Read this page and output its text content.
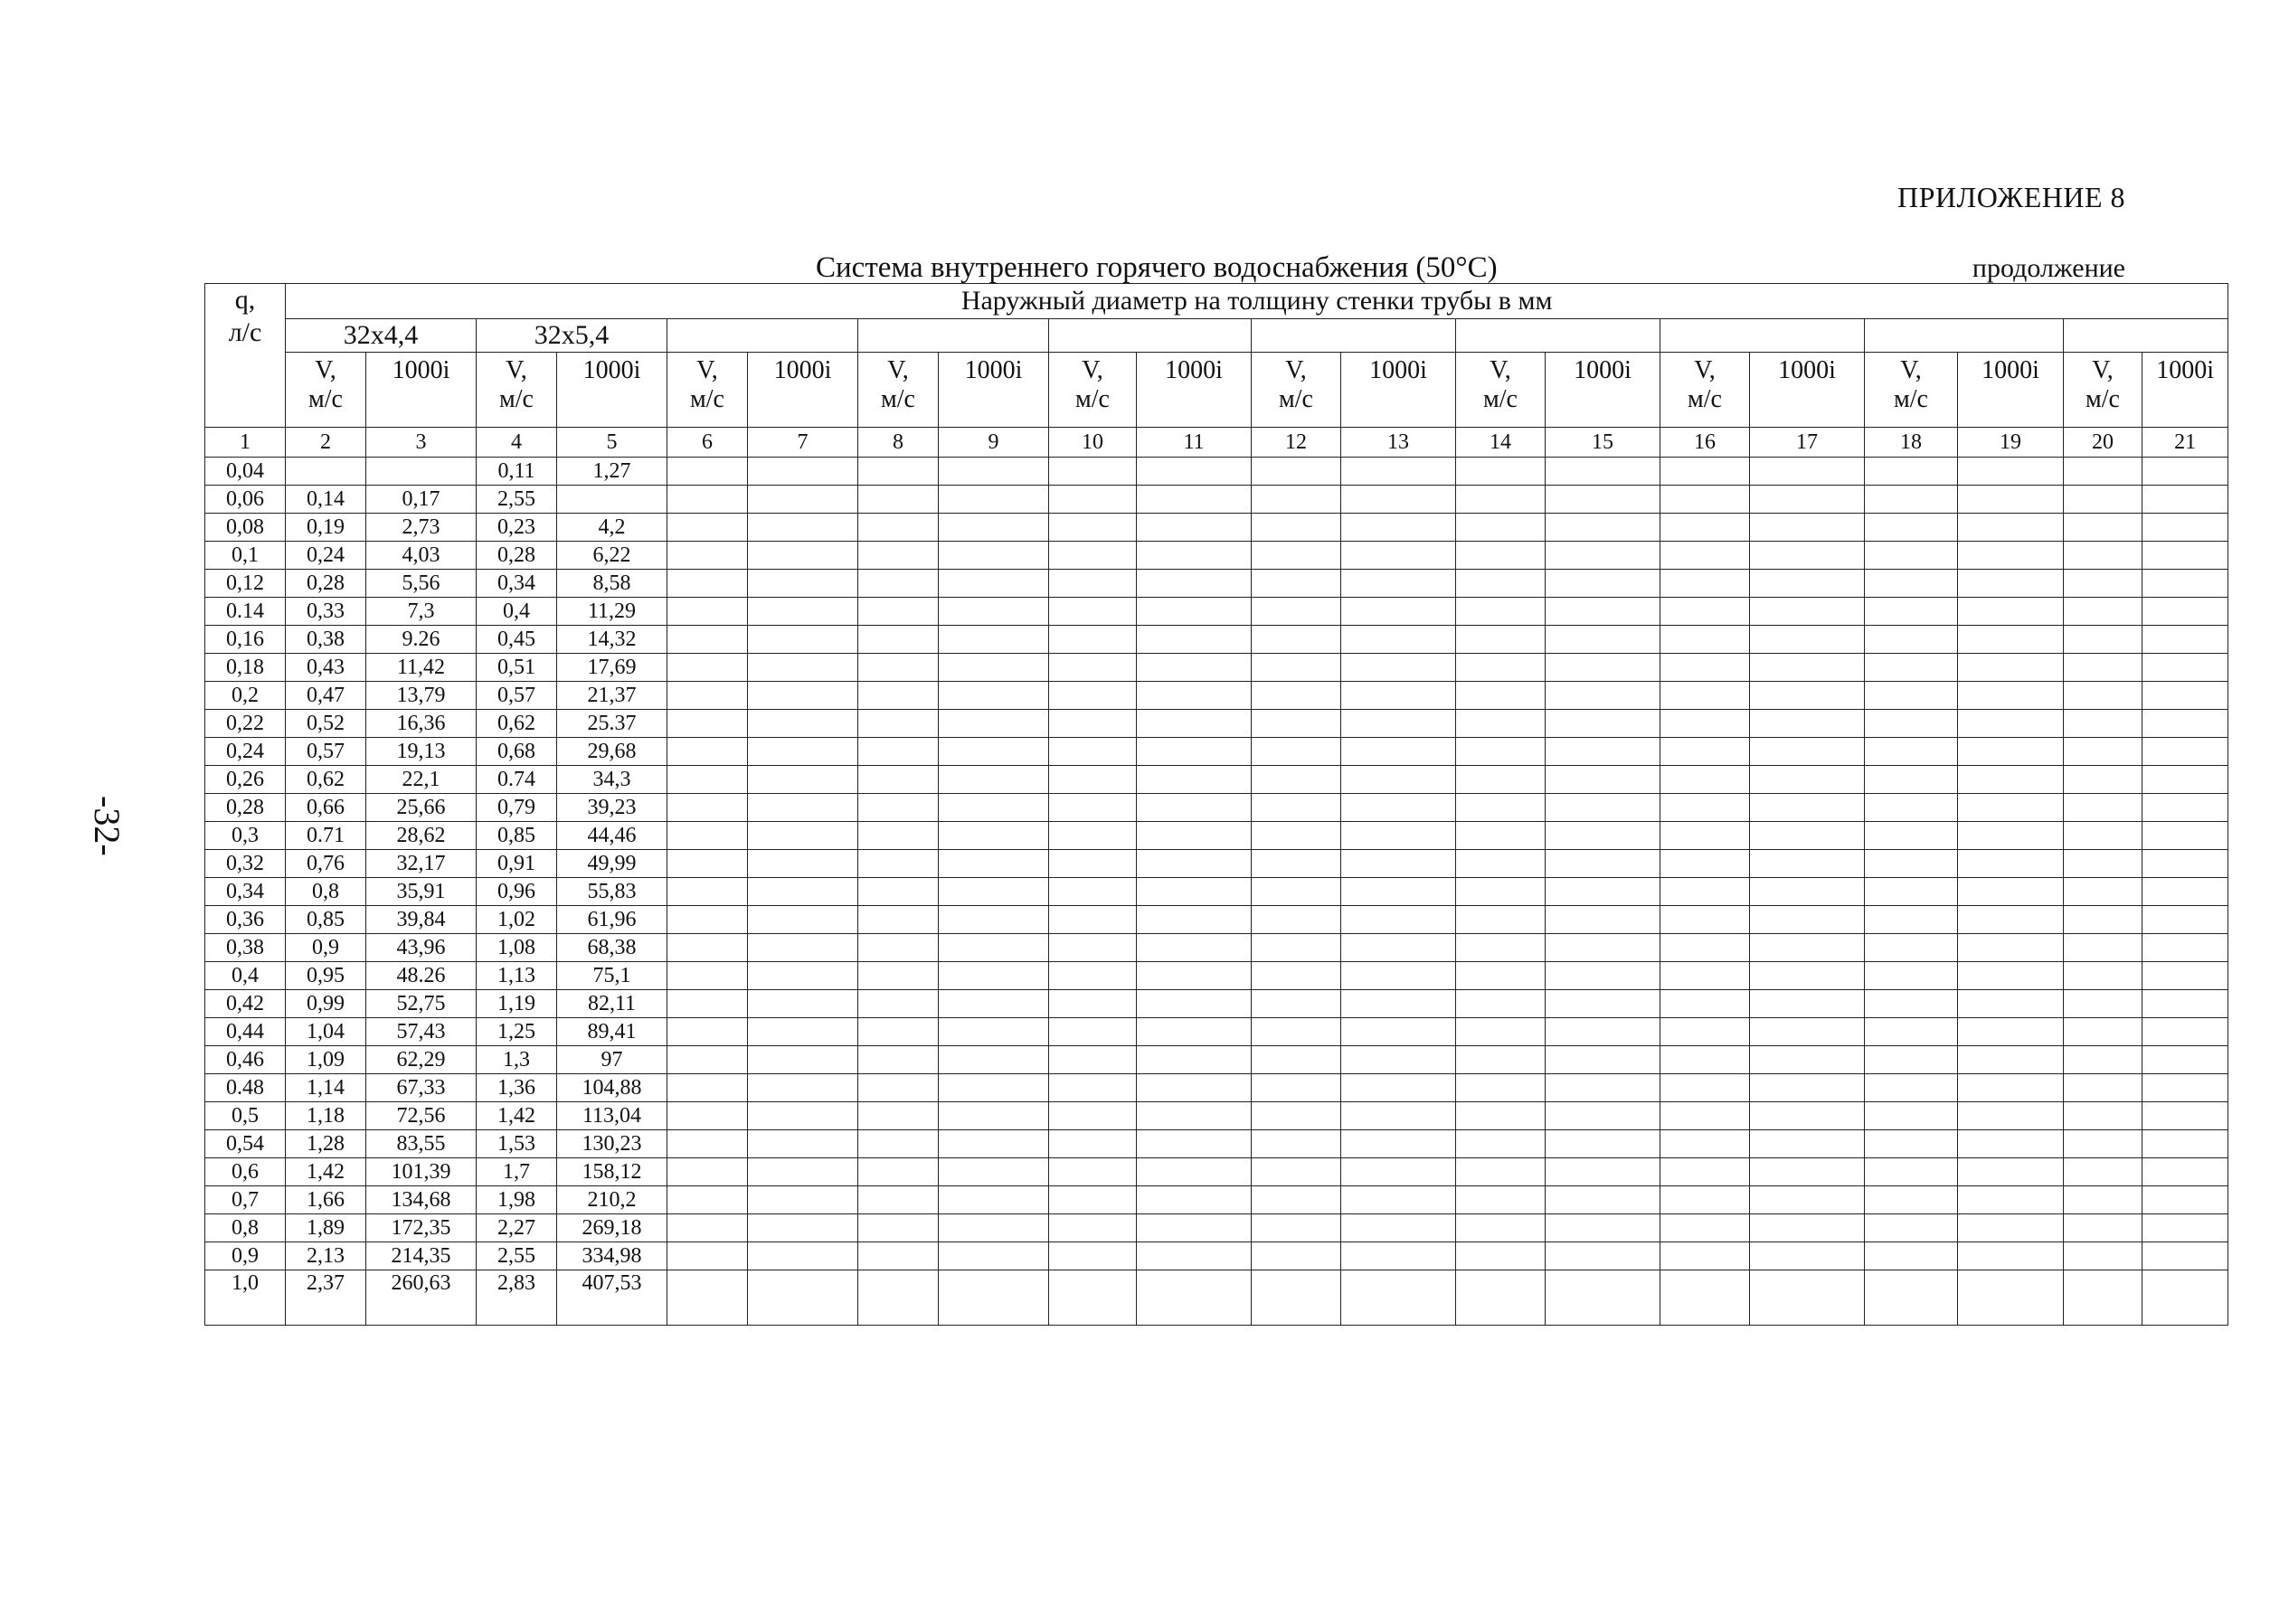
ПРИЛОЖЕНИЕ 8
Система внутреннего горячего водоснабжения (50°С)	продолжение
-32-
q,
л/с	Наружный диаметр на толщину стенки трубы в мм																			
	32x4,4		32x5,4																	

	V,
м/с	1000i	V,
м/с	1000i	V,
м/с	1000i	V,
м/с	1000i	V,
м/с	1000i	V,
м/с	1000i	V,
м/с	1000i	V,
м/с	1000i	V,
м/с	1000i	V,
м/с	1000i
1	2	3	4	5	6	7	8	9	10	11	12	13	14	15	16	17	18	19	20	21
0,04			0,11	1,27																
0,06	0,14	0,17	2,55																	
0,08	0,19	2,73	0,23	4,2																
0,1	0,24	4,03	0,28	6,22																
0,12	0,28	5,56	0,34	8,58																
0.14	0,33	7,3	0,4	11,29																
0,16	0,38	9.26	0,45	14,32																
0,18	0,43	11,42	0,51	17,69																
0,2	0,47	13,79	0,57	21,37																
0,22	0,52	16,36	0,62	25.37																
0,24	0,57	19,13	0,68	29,68																
0,26	0,62	22,1	0.74	34,3																
0,28	0,66	25,66	0,79	39,23																
0,3	0.71	28,62	0,85	44,46																
0,32	0,76	32,17	0,91	49,99																
0,34	0,8	35,91	0,96	55,83																
0,36	0,85	39,84	1,02	61,96																
0,38	0,9	43,96	1,08	68,38																
0,4	0,95	48.26	1,13	75,1																
0,42	0,99	52,75	1,19	82,11																
0,44	1,04	57,43	1,25	89,41																
0,46	1,09	62,29	1,3	97																
0.48	1,14	67,33	1,36	104,88																
0,5	1,18	72,56	1,42	113,04																
0,54	1,28	83,55	1,53	130,23																
0,6	1,42	101,39	1,7	158,12																
0,7	1,66	134,68	1,98	210,2																
0,8	1,89	172,35	2,27	269,18																
0,9	2,13	214,35	2,55	334,98																
1,0	2,37	260,63	2,83	407,53																
